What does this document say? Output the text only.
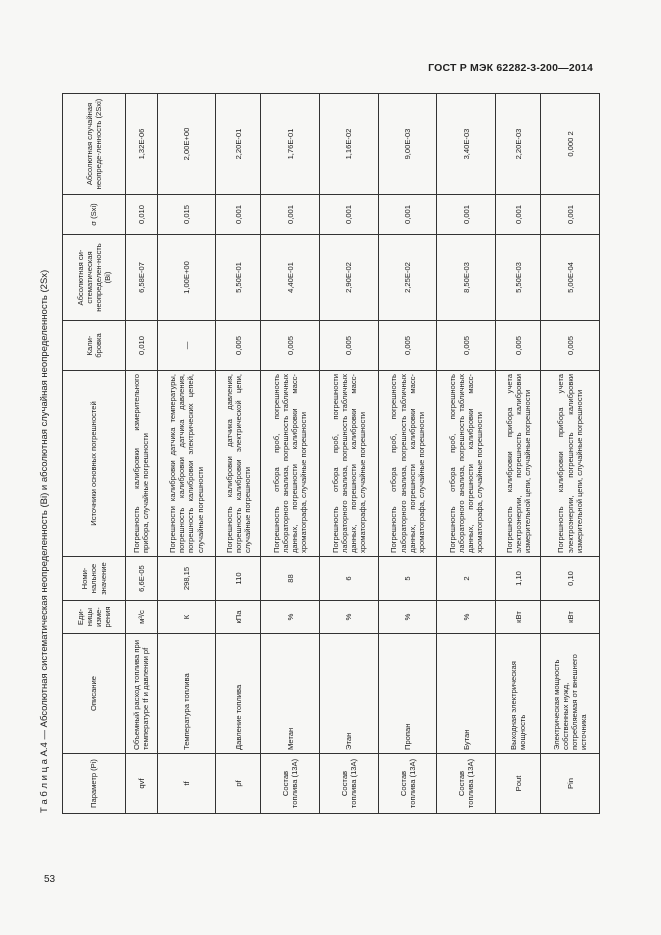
ГОСТ Р МЭК 62282-3-200—2014
Т а б л и ц а А.4 — Абсолютная систематическая неопределенность (Bi) и абсолютная случайная неопределенность (2Sx)	Параметр (Pi)	Описание	Еди-ницы изме-рения	Номи-нальное значение	Источники основных погрешностей	Кали-бровка	Абсолютная си-стематическая неопределен-ность (Bi)	σ (Sxi)	Абсолютная случайная неопреде-ленность (2Sxi)
qvf	Объемный расход топлива при температуре tf и давлении pf	м³/с	6,6E-05	Погрешность калибровки измерительного прибора, случайные погрешности	0,010	6,58E-07	0,010	1,32E-06
tf	Температура топлива	К	298,15	Погрешности калибровки датчика температуры, погрешность калибровки датчика давления, погрешность калибровки электрических цепей, случайные погрешности	—	1,00E+00	0,015	2,00E+00
pf	Давление топлива	кПа	110	Погрешность калибровки датчика давления, погрешность калибровки электрической цепи, случайные погрешности	0,005	5,50E-01	0,001	2,20E-01
Состав топлива (13А)	Метан	%	88	Погрешность отбора проб, погрешность лабораторного анализа, погрешность табличных данных, погрешности калибровки масс-хроматографа, случайные погрешности	0,005	4,40E-01	0,001	1,76E-01
Состав топлива (13А)	Этан	%	6	Погрешность отбора проб, погрешности лабораторного анализа, погрешность табличных данных, погрешности калибровки масс-хроматографа, случайные погрешности	0,005	2,90E-02	0,001	1,16E-02
Состав топлива (13А)	Пропан	%	5	Погрешность отбора проб, погрешность лабораторного анализа, погрешность табличных данных, погрешности калибровки масс-хроматографа, случайные погрешности	0,005	2,25E-02	0,001	9,00E-03
Состав топлива (13А)	Бутан	%	2	Погрешность отбора проб, погрешность лабораторного анализа, погрешность табличных данных, погрешности калибровки масс-хроматографа, случайные погрешности	0,005	8,50E-03	0,001	3,40E-03
Pout	Выходная электрическая мощность	кВт	1,10	Погрешность калибровки прибора учета электроэнергии, погрешность калибровки измерительной цепи, случайные погрешности	0,005	5,50E-03	0,001	2,20E-03
Pin	Электрическая мощность собственных нужд, потребляемая от внешнего источника	кВт	0,10	Погрешность калибровки прибора учета электроэнергии, погрешность калибровки измерительной цепи, случайные погрешности	0,005	5,00E-04	0,001	0,000 2
53
